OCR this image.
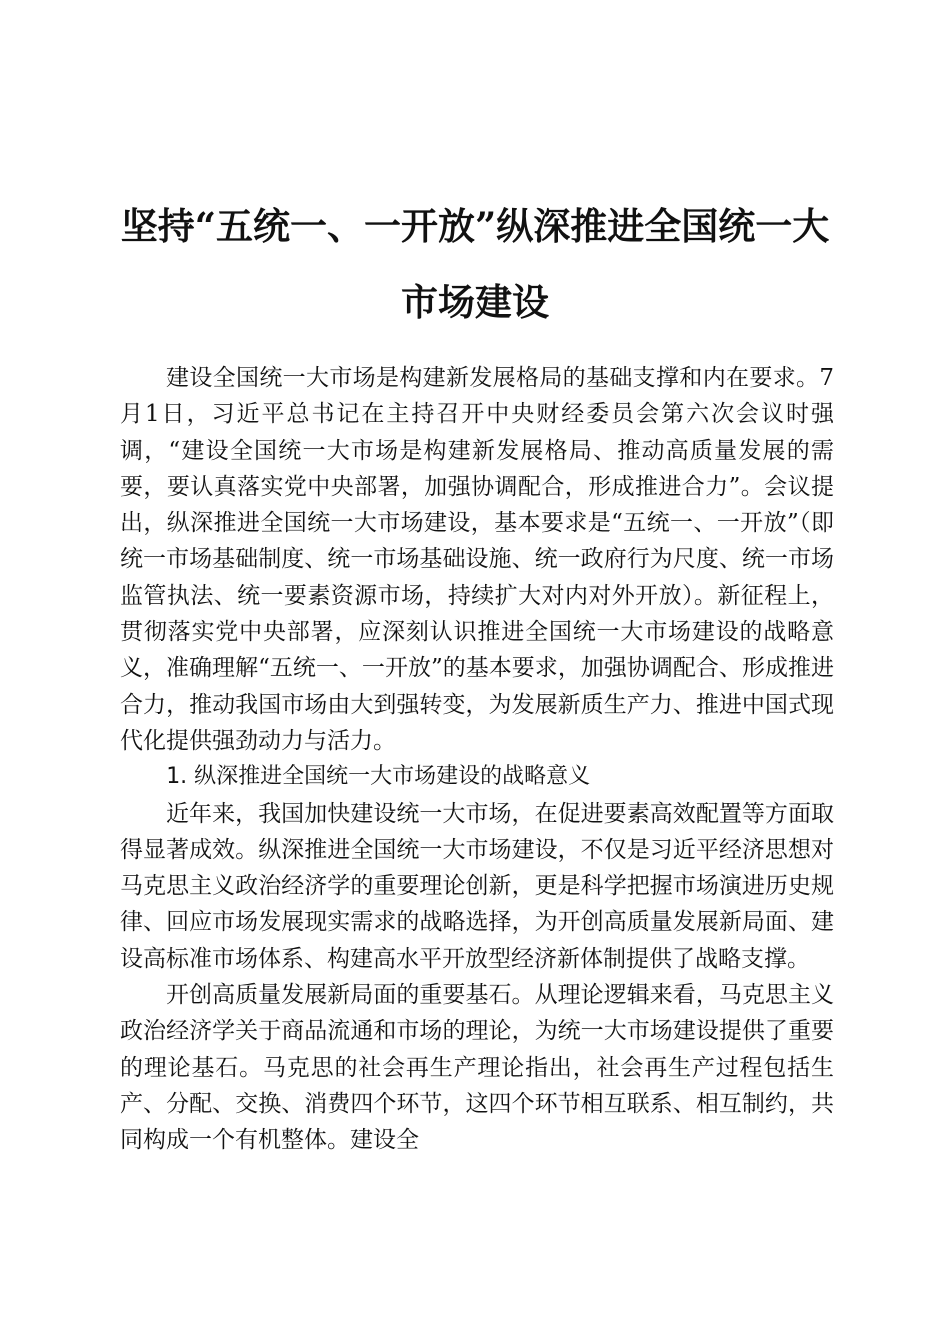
坚持“五统一、一开放”纵深推进全国统一大
市场建设

建设全国统一大市场是构建新发展格局的基础支撑和内在要求。7月1日，习近平总书记在主持召开中央财经委员会第六次会议时强调，“建设全国统一大市场是构建新发展格局、推动高质量发展的需要，要认真落实党中央部署，加强协调配合，形成推进合力”。会议提出，纵深推进全国统一大市场建设，基本要求是“五统一、一开放”（即统一市场基础制度、统一市场基础设施、统一政府行为尺度、统一市场监管执法、统一要素资源市场，持续扩大对内对外开放）。新征程上，贯彻落实党中央部署，应深刻认识推进全国统一大市场建设的战略意义，准确理解“五统一、一开放”的基本要求，加强协调配合、形成推进合力，推动我国市场由大到强转变，为发展新质生产力、推进中国式现代化提供强劲动力与活力。

1. 纵深推进全国统一大市场建设的战略意义

近年来，我国加快建设统一大市场，在促进要素高效配置等方面取得显著成效。纵深推进全国统一大市场建设，不仅是习近平经济思想对马克思主义政治经济学的重要理论创新，更是科学把握市场演进历史规律、回应市场发展现实需求的战略选择，为开创高质量发展新局面、建设高标准市场体系、构建高水平开放型经济新体制提供了战略支撑。

开创高质量发展新局面的重要基石。从理论逻辑来看，马克思主义政治经济学关于商品流通和市场的理论，为统一大市场建设提供了重要的理论基石。马克思的社会再生产理论指出，社会再生产过程包括生产、分配、交换、消费四个环节，这四个环节相互联系、相互制约，共同构成一个有机整体。建设全
